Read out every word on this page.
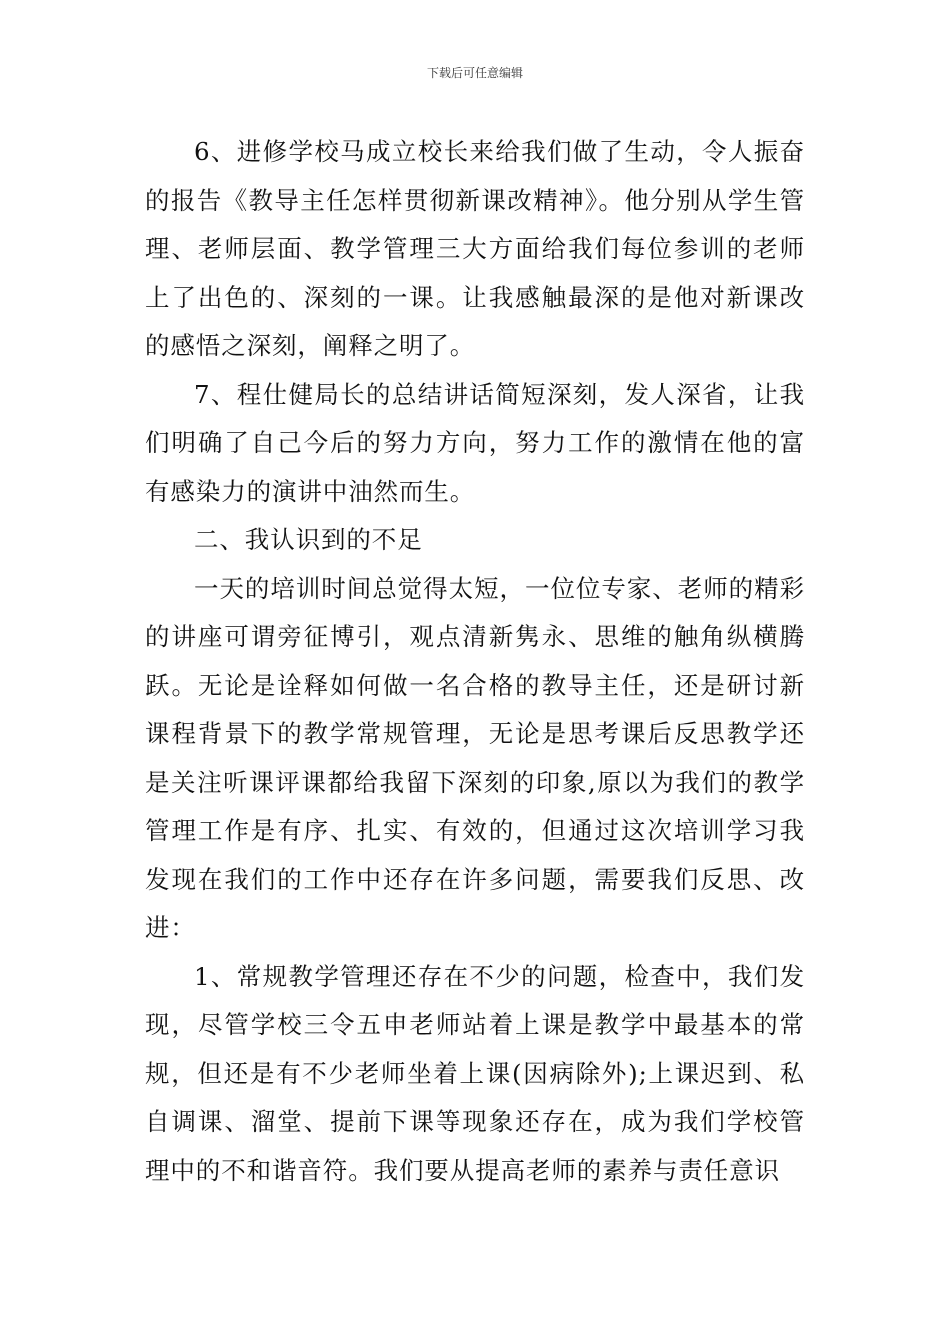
下载后可任意编辑

6、进修学校马成立校长来给我们做了生动，令人振奋的报告《教导主任怎样贯彻新课改精神》。他分别从学生管理、老师层面、教学管理三大方面给我们每位参训的老师上了出色的、深刻的一课。让我感触最深的是他对新课改的感悟之深刻，阐释之明了。

7、程仕健局长的总结讲话简短深刻，发人深省，让我们明确了自己今后的努力方向，努力工作的激情在他的富有感染力的演讲中油然而生。

二、我认识到的不足

一天的培训时间总觉得太短，一位位专家、老师的精彩的讲座可谓旁征博引，观点清新隽永、思维的触角纵横腾跃。无论是诠释如何做一名合格的教导主任，还是研讨新课程背景下的教学常规管理，无论是思考课后反思教学还是关注听课评课都给我留下深刻的印象,原以为我们的教学管理工作是有序、扎实、有效的，但通过这次培训学习我发现在我们的工作中还存在许多问题，需要我们反思、改进：

1、常规教学管理还存在不少的问题，检查中，我们发现，尽管学校三令五申老师站着上课是教学中最基本的常规，但还是有不少老师坐着上课(因病除外);上课迟到、私自调课、溜堂、提前下课等现象还存在，成为我们学校管理中的不和谐音符。我们要从提高老师的素养与责任意识
